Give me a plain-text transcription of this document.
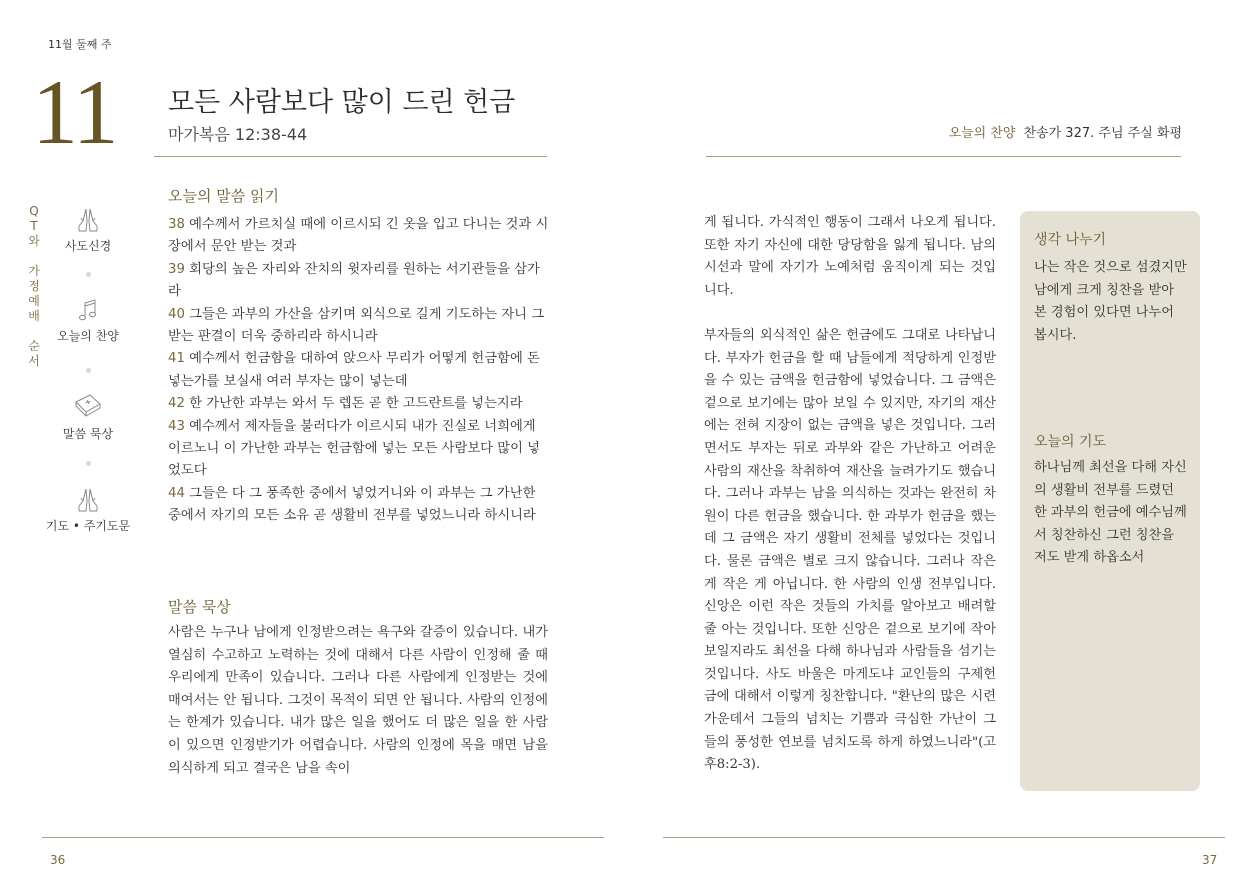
11월 둘째 주
11 모든 사람보다 많이 드린 헌금
마가복음 12:38-44
Q
T
와

가
정
예
배

순
서
사도신경
오늘의 찬양
말씀 묵상
기도 • 주기도문
오늘의 말씀 읽기
38 예수께서 가르치실 때에 이르시되 긴 옷을 입고 다니는 것과 시장에서 문안 받는 것과
39 회당의 높은 자리와 잔치의 윗자리를 원하는 서기관들을 삼가라
40 그들은 과부의 가산을 삼키며 외식으로 길게 기도하는 자니 그 받는 판결이 더욱 중하리라 하시니라
41 예수께서 헌금함을 대하여 앉으사 무리가 어떻게 헌금함에 돈 넣는가를 보실새 여러 부자는 많이 넣는데
42 한 가난한 과부는 와서 두 렙돈 곧 한 고드란트를 넣는지라
43 예수께서 제자들을 불러다가 이르시되 내가 진실로 너희에게 이르노니 이 가난한 과부는 헌금함에 넣는 모든 사람보다 많이 넣었도다
44 그들은 다 그 풍족한 중에서 넣었거니와 이 과부는 그 가난한 중에서 자기의 모든 소유 곧 생활비 전부를 넣었느니라 하시니라
말씀 묵상
사람은 누구나 남에게 인정받으려는 욕구와 갈증이 있습니다. 내가 열심히 수고하고 노력하는 것에 대해서 다른 사람이 인정해 줄 때 우리에게 만족이 있습니다. 그러나 다른 사람에게 인정받는 것에 매여서는 안 됩니다. 그것이 목적이 되면 안 됩니다. 사람의 인정에는 한계가 있습니다. 내가 많은 일을 했어도 더 많은 일을 한 사람이 있으면 인정받기가 어렵습니다. 사람의 인정에 목을 매면 남을 의식하게 되고 결국은 남을 속이
36
오늘의 찬양 찬송가 327. 주님 주실 화평

게 됩니다. 가식적인 행동이 그래서 나오게 됩니다. 또한 자기 자신에 대한 당당함을 잃게 됩니다. 남의 시선과 말에 자기가 노예처럼 움직이게 되는 것입니다.

부자들의 외식적인 삶은 헌금에도 그대로 나타납니다. 부자가 헌금을 할 때 남들에게 적당하게 인정받을 수 있는 금액을 헌금함에 넣었습니다. 그 금액은 겉으로 보기에는 많아 보일 수 있지만, 자기의 재산에는 전혀 지장이 없는 금액을 넣은 것입니다. 그러면서도 부자는 뒤로 과부와 같은 가난하고 어려운 사람의 재산을 착취하여 재산을 늘려가기도 했습니다. 그러나 과부는 남을 의식하는 것과는 완전히 차원이 다른 헌금을 했습니다. 한 과부가 헌금을 했는데 그 금액은 자기 생활비 전체를 넣었다는 것입니다. 물론 금액은 별로 크지 않습니다. 그러나 작은 게 작은 게 아닙니다. 한 사람의 인생 전부입니다. 신앙은 이런 작은 것들의 가치를 알아보고 배려할 줄 아는 것입니다. 또한 신앙은 겉으로 보기에 작아 보일지라도 최선을 다해 하나님과 사람들을 섬기는 것입니다. 사도 바울은 마게도냐 교인들의 구제헌금에 대해서 이렇게 칭찬합니다. "환난의 많은 시련 가운데서 그들의 넘치는 기쁨과 극심한 가난이 그들의 풍성한 연보를 넘치도록 하게 하였느니라"(고후8:2-3).

생각 나누기
나는 작은 것으로 섬겼지만 남에게 크게 칭찬을 받아 본 경험이 있다면 나누어 봅시다.
오늘의 기도
하나님께 최선을 다해 자신의 생활비 전부를 드렸던 한 과부의 헌금에 예수님께서 칭찬하신 그런 칭찬을 저도 받게 하옵소서
37
